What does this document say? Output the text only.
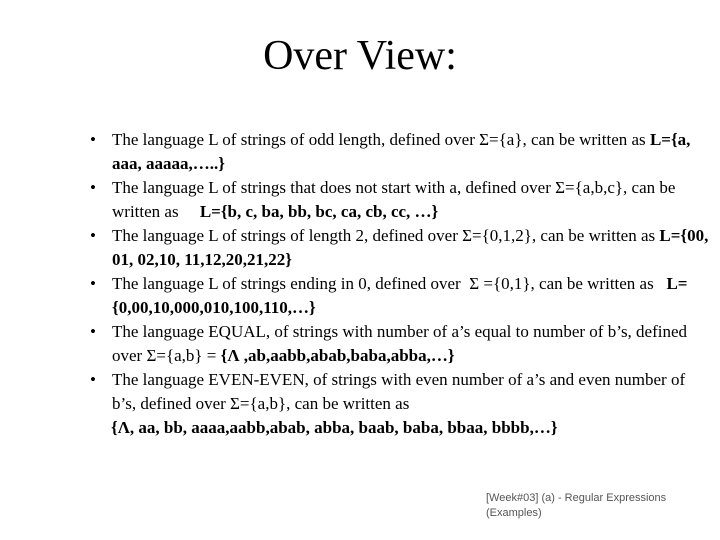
Over View:
• The language L of strings of odd length, defined over Σ={a}, can be written as L={a, aaa, aaaaa,…..}
• The language L of strings that does not start with a, defined over Σ={a,b,c}, can be written as     L={b, c, ba, bb, bc, ca, cb, cc, …}
• The language L of strings of length 2, defined over Σ={0,1,2}, can be written as L={00, 01, 02,10, 11,12,20,21,22}
• The language L of strings ending in 0, defined over  Σ ={0,1}, can be written as   L={0,00,10,000,010,100,110,…}
• The language EQUAL, of strings with number of a’s equal to number of b’s, defined over Σ={a,b} = {Λ ,ab,aabb,abab,baba,abba,…}
• The language EVEN-EVEN, of strings with even number of a’s and even number of b’s, defined over Σ={a,b}, can be written as
{Λ, aa, bb, aaaa,aabb,abab, abba, baab, baba, bbaa, bbbb,…}
[Week#03] (a) - Regular Expressions (Examples)
